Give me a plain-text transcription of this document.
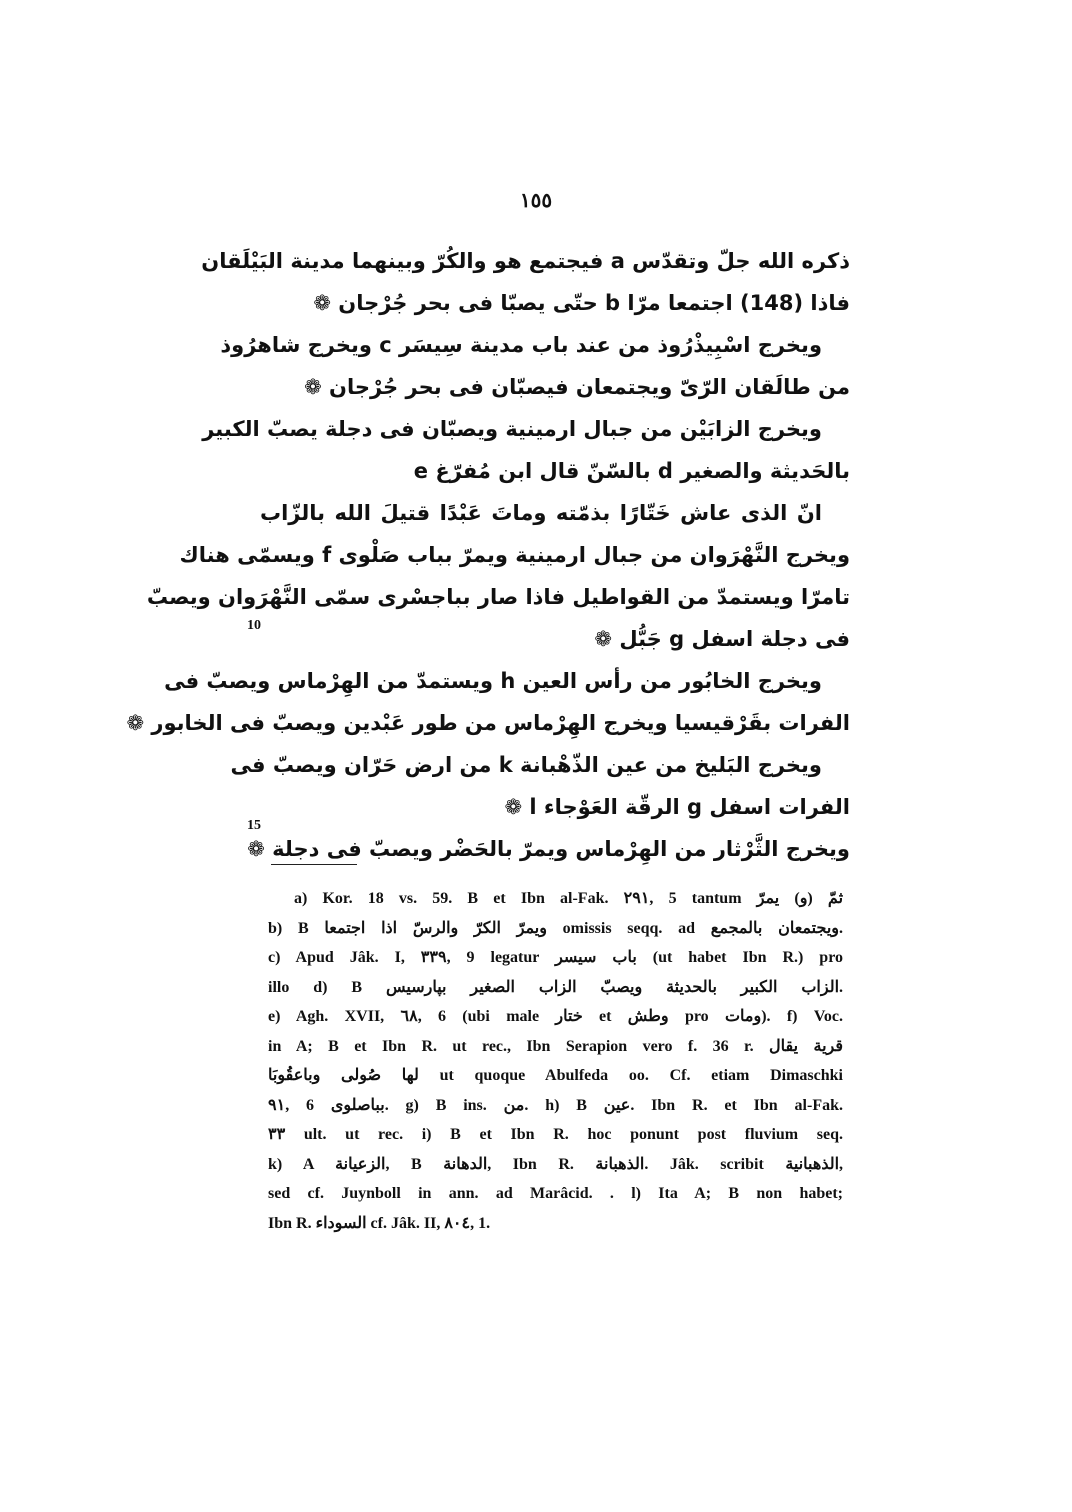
١٥٥
ذكره الله جلّ وتقدّس a فيجتمع هو والكُرّ وبينهما مدينة البَيْلَقان
فاذا (148) اجتمعا مرّا b حتّى يصبّا فى بحر جُرْجان ❁
ويخرج اسْبِيذْرُوذ من عند باب مدينة سِيسَر c ويخرج شاهرُوذ
من طالَقان الرّىّ ويجتمعان فيصبّان فى بحر جُرْجان ❁
ويخرج الزابَيْن من جبال ارمينية ويصبّان فى دجلة يصبّ الكبير
بالحَديثة والصغير d بالسّنّ قال ابن مُفرّغ e
انّ الذى عاش خَتّارًا بذمّته وماتَ عَبْدًا قتيلَ الله بالزّاب
ويخرج النَّهْرَوان من جبال ارمينية ويمرّ بباب صَلْوى f ويسمّى هناك
تامرّا ويستمدّ من القواطيل فاذا صار بباجسْرى سمّى النَّهْرَوان ويصبّ
فى دجلة اسفل g جَبُّل ❁
ويخرج الخابُور من رأس العين h ويستمدّ من الهِرْماس ويصبّ فى
الفرات بقَرْقيسيا ويخرج الهِرْماس من طور عَبْدين ويصبّ فى الخابور ❁
ويخرج البَليخ من عين الذّهْبانة k من ارض حَرّان ويصبّ فى
الفرات اسفل g الرقّة العَوْجاء l ❁
ويخرج الثَّرْثار من الهِرْماس ويمرّ بالحَضْر ويصبّ فى دجلة ❁
10
15
a) Kor. 18 vs. 59. B et Ibn al-Fak. ٢٩١, 5 tantum ثمّ (و) يمرّ
b) B ويمرّ الكرّ والرسّ اذا اجتمعا omissis seqq. ad ويجتمعان بالمجمع.
c) Apud Jâk. I, ٣٣٩, 9 legatur باب سيسر (ut habet Ibn R.) pro
illo d) B الزاب الكبير بالحديثة ويصبّ الزاب الصغير بپارسيس.
e) Agh. XVII, ٦٨, 6 (ubi male ختار et وطش pro ومات). f) Voc.
in A; B et Ibn R. ut rec., Ibn Serapion vero f. 36 r. قرية يقال
لها صُولى وباعقُوبَا ut quoque Abulfeda oo. Cf. etiam Dimaschki
٩١, 6 بباصلوى. g) B ins. من. h) B عين. Ibn R. et Ibn al-Fak.
٣٣ ult. ut rec. i) B et Ibn R. hoc ponunt post fluvium seq.
k) A الزعيانة, B الدهانة, Ibn R. الذهبانة. Jâk. scribit الذهبانية,
sed cf. Juynboll in ann. ad Marâcid. . l) Ita A; B non habet;
Ibn R. السوداء cf. Jâk. II, ٨٠٤, 1.
